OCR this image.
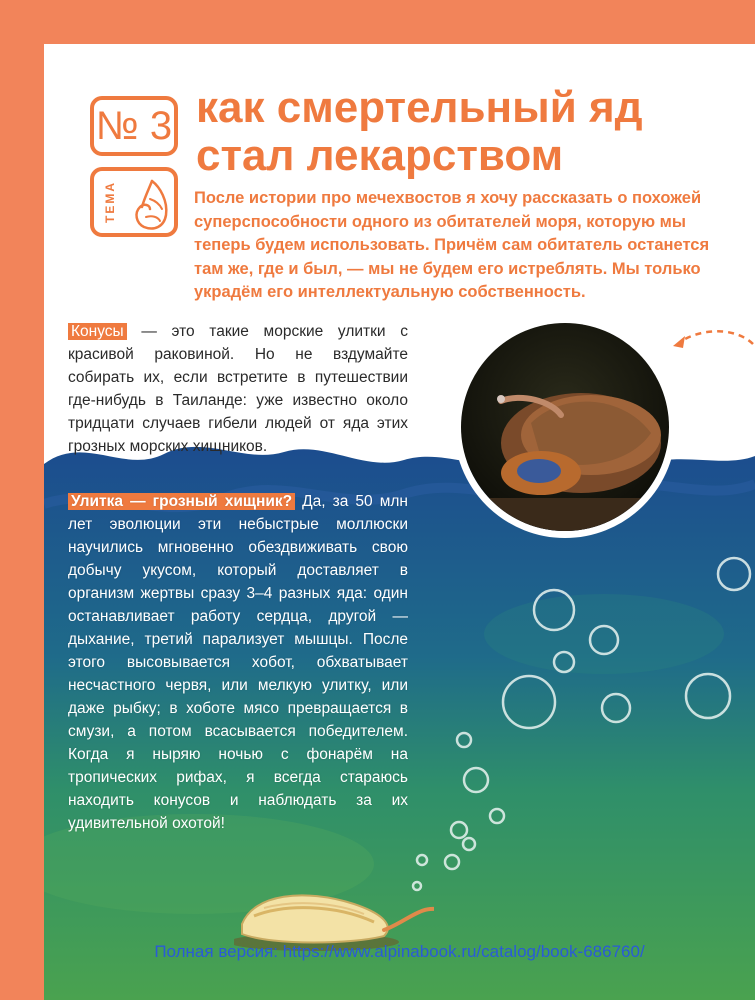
№ 3
ТЕМА
как смертельный яд
стал лекарством

После истории про мечехвостов я хочу рассказать о похожей суперспособности одного из обитателей моря, которую мы теперь будем использовать. Причём сам обитатель останется там же, где и был, — мы не будем его истреблять. Мы только украдём его интеллектуальную собственность.

Конусы — это такие морские улитки с красивой раковиной. Но не вздумайте собирать их, если встретите в путешествии где-нибудь в Таиланде: уже известно около тридцати случаев гибели людей от яда этих грозных морских хищников.

Улитка — грозный хищник? Да, за 50 млн лет эволюции эти небыстрые моллюски научились мгновенно обездвиживать свою добычу укусом, который доставляет в организм жертвы сразу 3–4 разных яда: один останавливает работу сердца, другой — дыхание, третий парализует мышцы. После этого высовывается хобот, обхватывает несчастного червя, или мелкую улитку, или даже рыбку; в хоботе мясо превращается в смузи, а потом всасывается победителем. Когда я ныряю ночью с фонарём на тропических рифах, я всегда стараюсь находить конусов и наблюдать за их удивительной охотой!

Полная версия: https://www.alpinabook.ru/catalog/book-686760/
